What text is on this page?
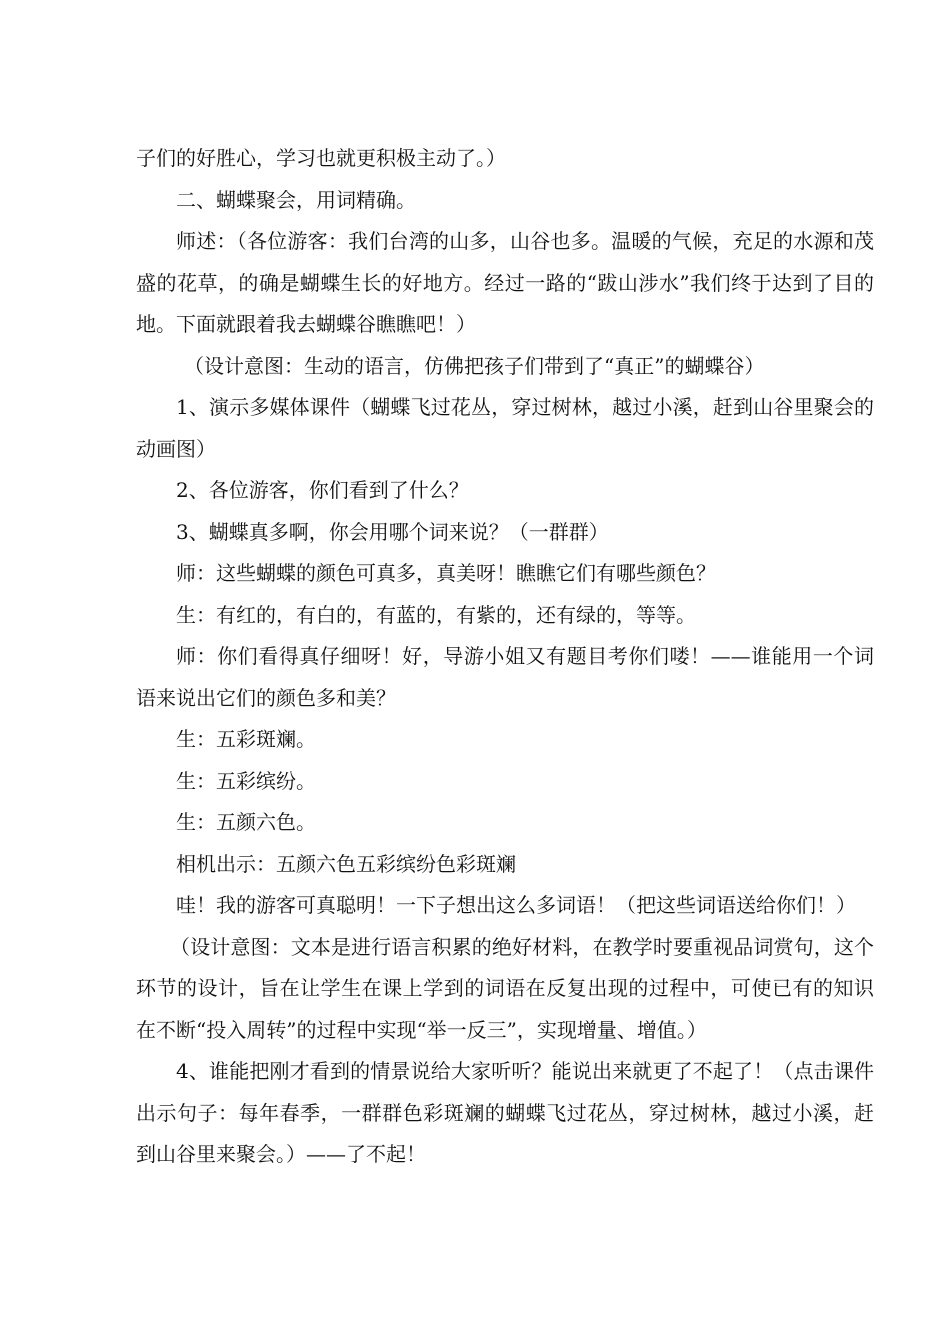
子们的好胜心，学习也就更积极主动了。）

二、蝴蝶聚会，用词精确。

师述：（各位游客：我们台湾的山多，山谷也多。温暖的气候，充足的水源和茂盛的花草，的确是蝴蝶生长的好地方。经过一路的“跋山涉水”我们终于达到了目的地。下面就跟着我去蝴蝶谷瞧瞧吧！）

（设计意图：生动的语言，仿佛把孩子们带到了“真正”的蝴蝶谷）

1、演示多媒体课件（蝴蝶飞过花丛，穿过树林，越过小溪，赶到山谷里聚会的动画图）

2、各位游客，你们看到了什么？

3、蝴蝶真多啊，你会用哪个词来说？（一群群）

师：这些蝴蝶的颜色可真多，真美呀！瞧瞧它们有哪些颜色？

生：有红的，有白的，有蓝的，有紫的，还有绿的，等等。

师：你们看得真仔细呀！好，导游小姐又有题目考你们喽！——谁能用一个词语来说出它们的颜色多和美？

生：五彩斑斓。

生：五彩缤纷。

生：五颜六色。

相机出示：五颜六色五彩缤纷色彩斑斓

哇！我的游客可真聪明！一下子想出这么多词语！（把这些词语送给你们！）

（设计意图：文本是进行语言积累的绝好材料，在教学时要重视品词赏句，这个环节的设计，旨在让学生在课上学到的词语在反复出现的过程中，可使已有的知识在不断“投入周转”的过程中实现“举一反三”，实现增量、增值。）

4、谁能把刚才看到的情景说给大家听听？能说出来就更了不起了！（点击课件出示句子：每年春季，一群群色彩斑斓的蝴蝶飞过花丛，穿过树林，越过小溪，赶到山谷里来聚会。）——了不起！
